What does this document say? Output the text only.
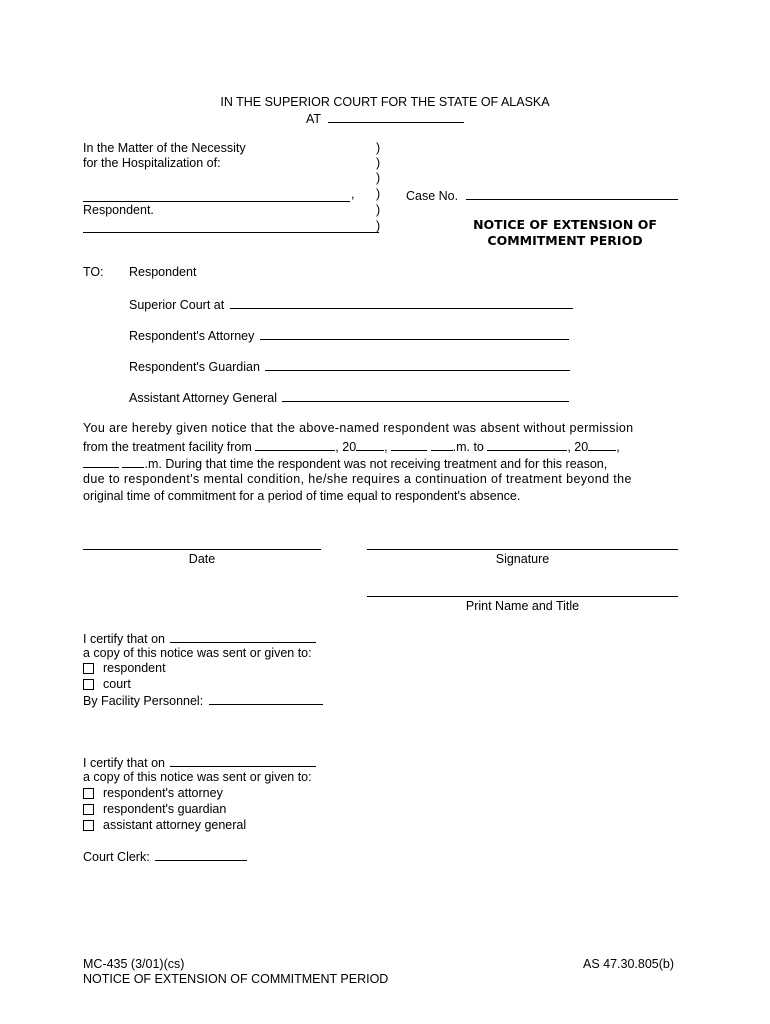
IN THE SUPERIOR COURT FOR THE STATE OF ALASKA
AT
In the Matter of the Necessity
for the Hospitalization of:
,
Respondent.
)
)
)
)
)
)
Case No.
NOTICE OF EXTENSION OF
COMMITMENT PERIOD
TO: Respondent
Superior Court at
Respondent's Attorney
Respondent's Guardian
Assistant Attorney General
You are hereby given notice that the above-named respondent was absent without permission
from the treatment facility from	, 20 ,	.m. to	, 20 ,
.m. During that time the respondent was not receiving treatment and for this reason,
due to respondent's mental condition, he/she requires a continuation of treatment beyond the
original time of commitment for a period of time equal to respondent's absence.
Date	Signature
Print Name and Title
I certify that on
a copy of this notice was sent or given to:
respondent
court
By Facility Personnel:
I certify that on
a copy of this notice was sent or given to:
respondent's attorney
respondent's guardian
assistant attorney general
Court Clerk:
MC-435 (3/01)(cs)
NOTICE OF EXTENSION OF COMMITMENT PERIOD
AS 47.30.805(b)
